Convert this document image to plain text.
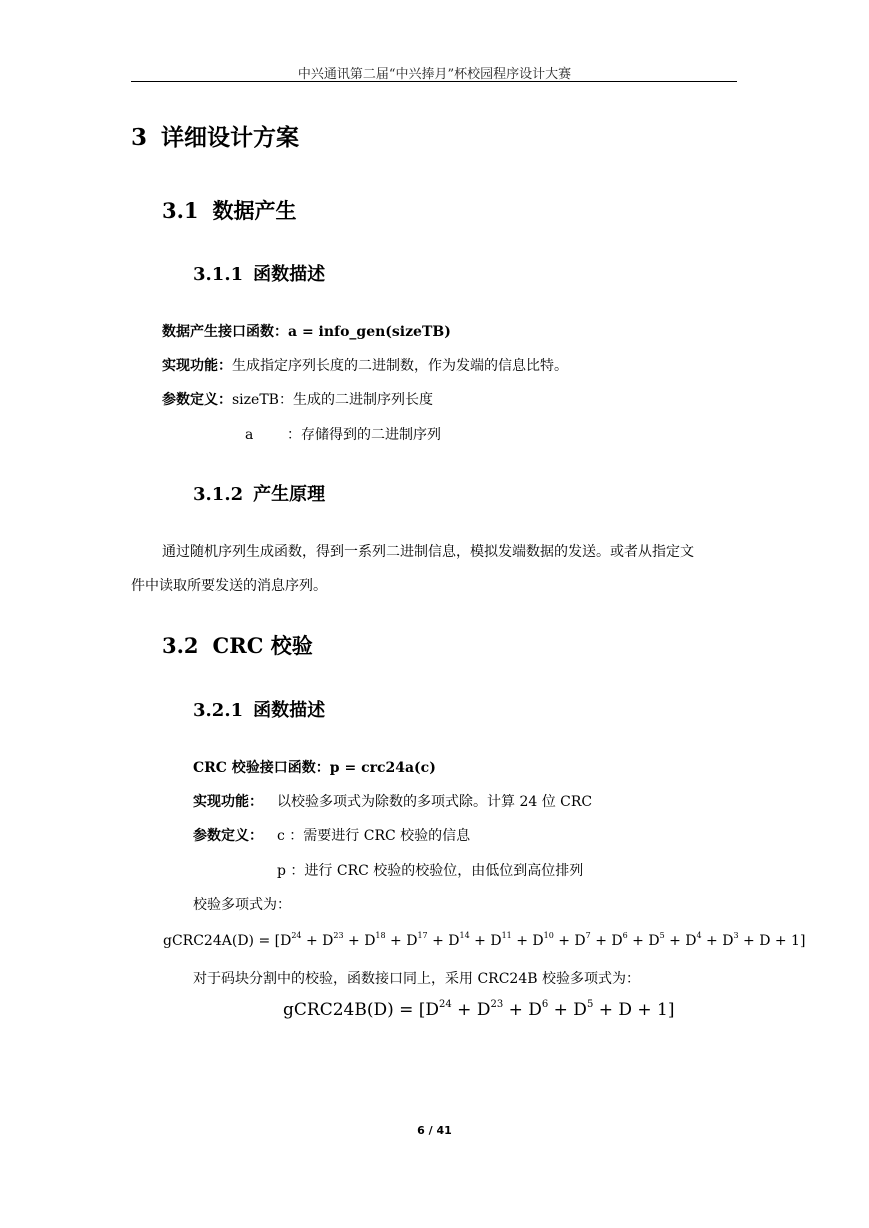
中兴通讯第二届“中兴捧月”杯校园程序设计大赛
3 详细设计方案
3.1 数据产生
3.1.1 函数描述
数据产生接口函数：a = info_gen(sizeTB)
实现功能：生成指定序列长度的二进制数，作为发端的信息比特。
参数定义：sizeTB：生成的二进制序列长度
a ：存储得到的二进制序列
3.1.2 产生原理
通过随机序列生成函数，得到一系列二进制信息，模拟发端数据的发送。或者从指定文
件中读取所要发送的消息序列。
3.2 CRC 校验
3.2.1 函数描述
CRC 校验接口函数：p = crc24a(c)
实现功能： 以校验多项式为除数的多项式除。计算 24 位 CRC
参数定义： c ：需要进行 CRC 校验的信息
p ：进行 CRC 校验的校验位，由低位到高位排列
校验多项式为：
gCRC24A(D) = $[D^{24} + D^{23} + D^{18} + D^{17} + D^{14} + D^{11} + D^{10} + D^7 + D^6 + D^5 + D^4 + D^3 + D + 1]$
对于码块分割中的校验，函数接口同上，采用 CRC24B 校验多项式为：
gCRC24B(D) = $[D^{24} + D^{23} + D^6 + D^5 + D + 1]$
6 / 41
